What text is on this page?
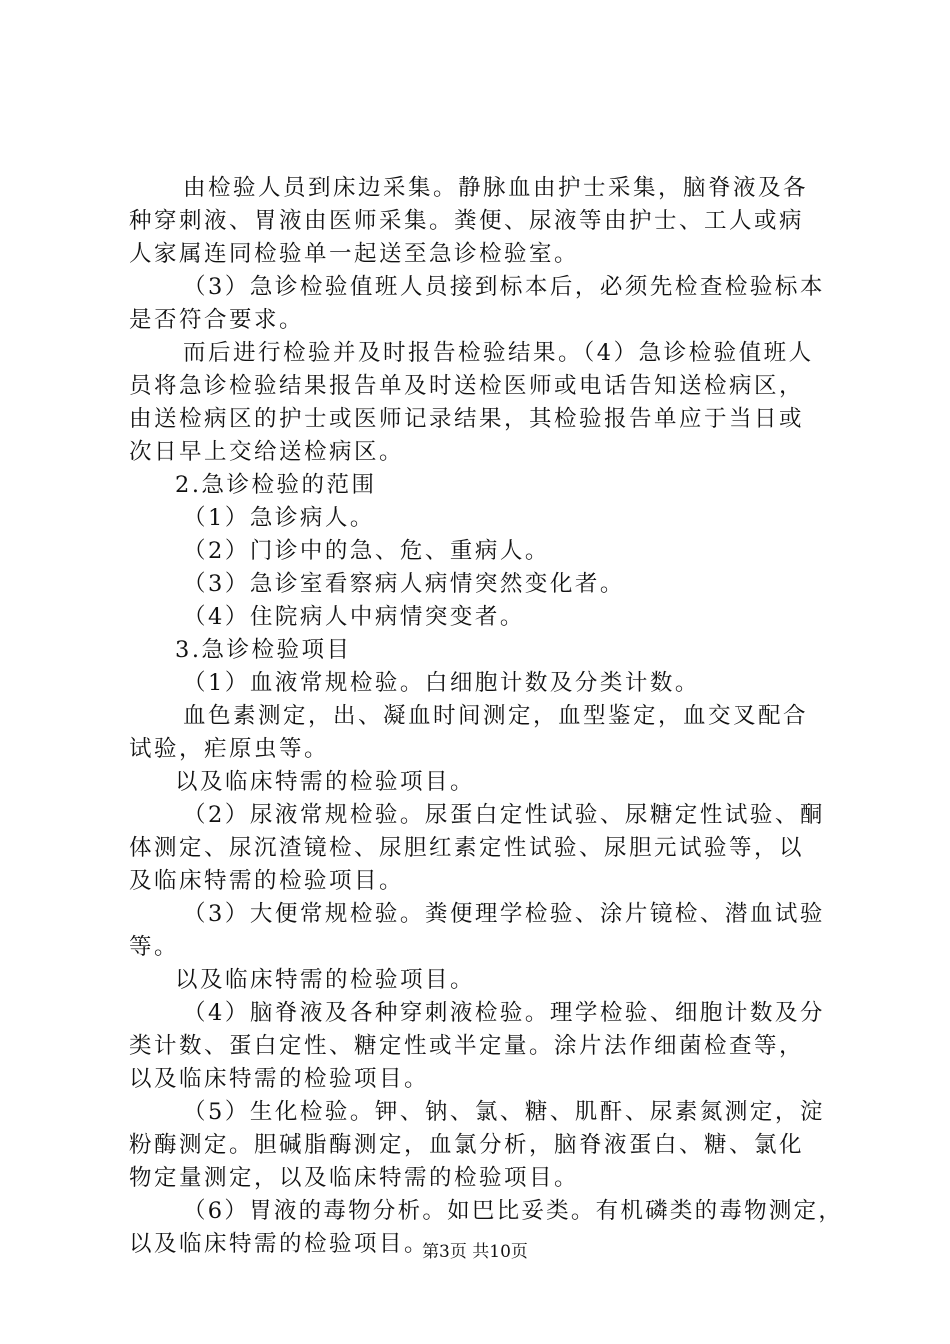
由检验人员到床边采集。静脉血由护士采集，脑脊液及各
种穿刺液、胃液由医师采集。粪便、尿液等由护士、工人或病
人家属连同检验单一起送至急诊检验室。
（3）急诊检验值班人员接到标本后，必须先检查检验标本
是否符合要求。
而后进行检验并及时报告检验结果。（4）急诊检验值班人
员将急诊检验结果报告单及时送检医师或电话告知送检病区，
由送检病区的护士或医师记录结果，其检验报告单应于当日或
次日早上交给送检病区。
2.急诊检验的范围
（1）急诊病人。
（2）门诊中的急、危、重病人。
（3）急诊室看察病人病情突然变化者。
（4）住院病人中病情突变者。
3.急诊检验项目
（1）血液常规检验。白细胞计数及分类计数。
血色素测定，出、凝血时间测定，血型鉴定，血交叉配合
试验，疟原虫等。
以及临床特需的检验项目。
（2）尿液常规检验。尿蛋白定性试验、尿糖定性试验、酮
体测定、尿沉渣镜检、尿胆红素定性试验、尿胆元试验等，以
及临床特需的检验项目。
（3）大便常规检验。粪便理学检验、涂片镜检、潜血试验
等。
以及临床特需的检验项目。
（4）脑脊液及各种穿刺液检验。理学检验、细胞计数及分
类计数、蛋白定性、糖定性或半定量。涂片法作细菌检查等，
以及临床特需的检验项目。
（5）生化检验。钾、钠、氯、糖、肌酐、尿素氮测定，淀
粉酶测定。胆碱脂酶测定，血氯分析，脑脊液蛋白、糖、氯化
物定量测定，以及临床特需的检验项目。
（6）胃液的毒物分析。如巴比妥类。有机磷类的毒物测定，
以及临床特需的检验项目。
第3页 共10页
